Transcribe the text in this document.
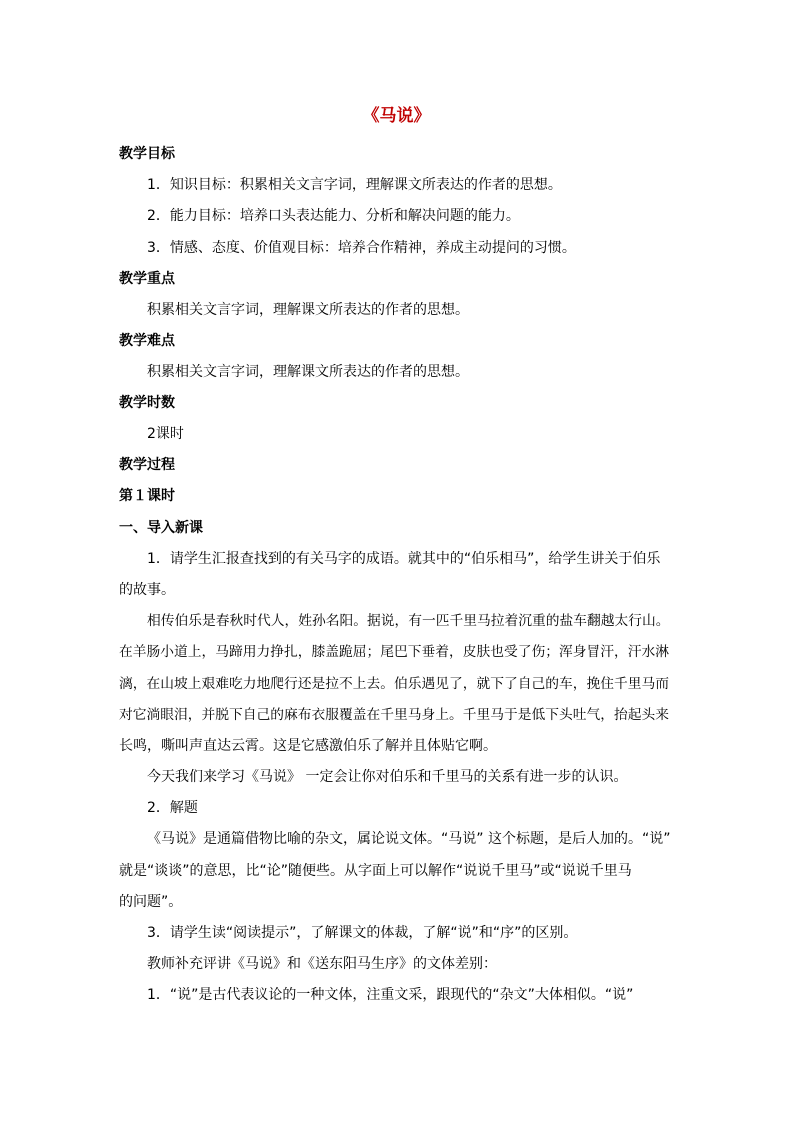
《马说》
教学目标
1．知识目标：积累相关文言字词，理解课文所表达的作者的思想。
2．能力目标：培养口头表达能力、分析和解决问题的能力。
3．情感、态度、价值观目标：培养合作精神，养成主动提问的习惯。
教学重点
积累相关文言字词，理解课文所表达的作者的思想。
教学难点
积累相关文言字词，理解课文所表达的作者的思想。
教学时数
2课时
教学过程
第１课时
一、导入新课
1．请学生汇报查找到的有关马字的成语。就其中的“伯乐相马”，给学生讲关于伯乐
的故事。
相传伯乐是春秋时代人，姓孙名阳。据说，有一匹千里马拉着沉重的盐车翻越太行山。
在羊肠小道上，马蹄用力挣扎，膝盖跪屈；尾巴下垂着，皮肤也受了伤；浑身冒汗，汗水淋
漓，在山坡上艰难吃力地爬行还是拉不上去。伯乐遇见了，就下了自己的车，挽住千里马而
对它淌眼泪，并脱下自己的麻布衣服覆盖在千里马身上。千里马于是低下头吐气，抬起头来
长鸣，嘶叫声直达云霄。这是它感激伯乐了解并且体贴它啊。
今天我们来学习《马说》 一定会让你对伯乐和千里马的关系有进一步的认识。
2．解题
《马说》是通篇借物比喻的杂文，属论说文体。“马说” 这个标题，是后人加的。“说”
就是“谈谈”的意思，比“论”随便些。从字面上可以解作“说说千里马”或“说说千里马
的问题”。
3．请学生读“阅读提示”，了解课文的体裁，了解“说”和“序”的区别。
教师补充评讲《马说》和《送东阳马生序》的文体差别：
1．“说”是古代表议论的一种文体，注重文采，跟现代的“杂文”大体相似。“说”
